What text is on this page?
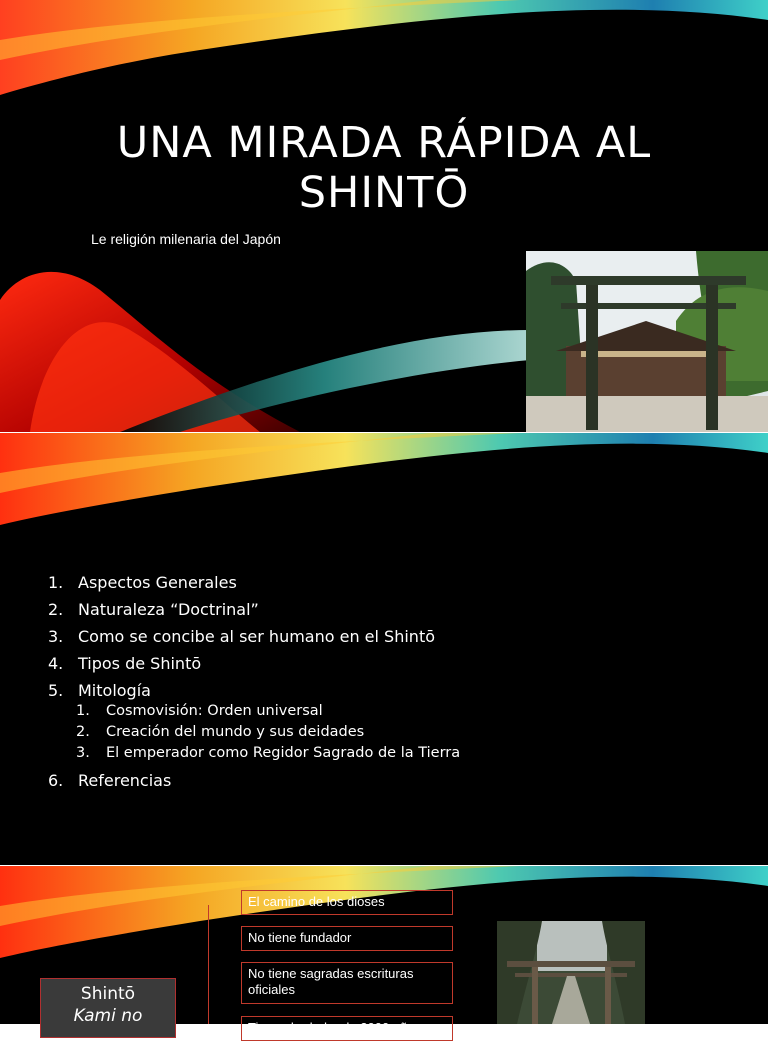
UNA MIRADA RÁPIDA AL
SHINTŌ
Le religión milenaria del Japón
1. Aspectos Generales
2. Naturaleza “Doctrinal”
3. Como se concibe al ser humano en el Shintō
4. Tipos de Shintō
5. Mitología
1. Cosmovisión: Orden universal
2. Creación del mundo y sus deidades
3. El emperador como Regidor Sagrado de la Tierra
6. Referencias
El camino de los dioses
No tiene fundador
No tiene sagradas escrituras oficiales
Tiene alrededor de 2000 años
Shintō
Kami no
